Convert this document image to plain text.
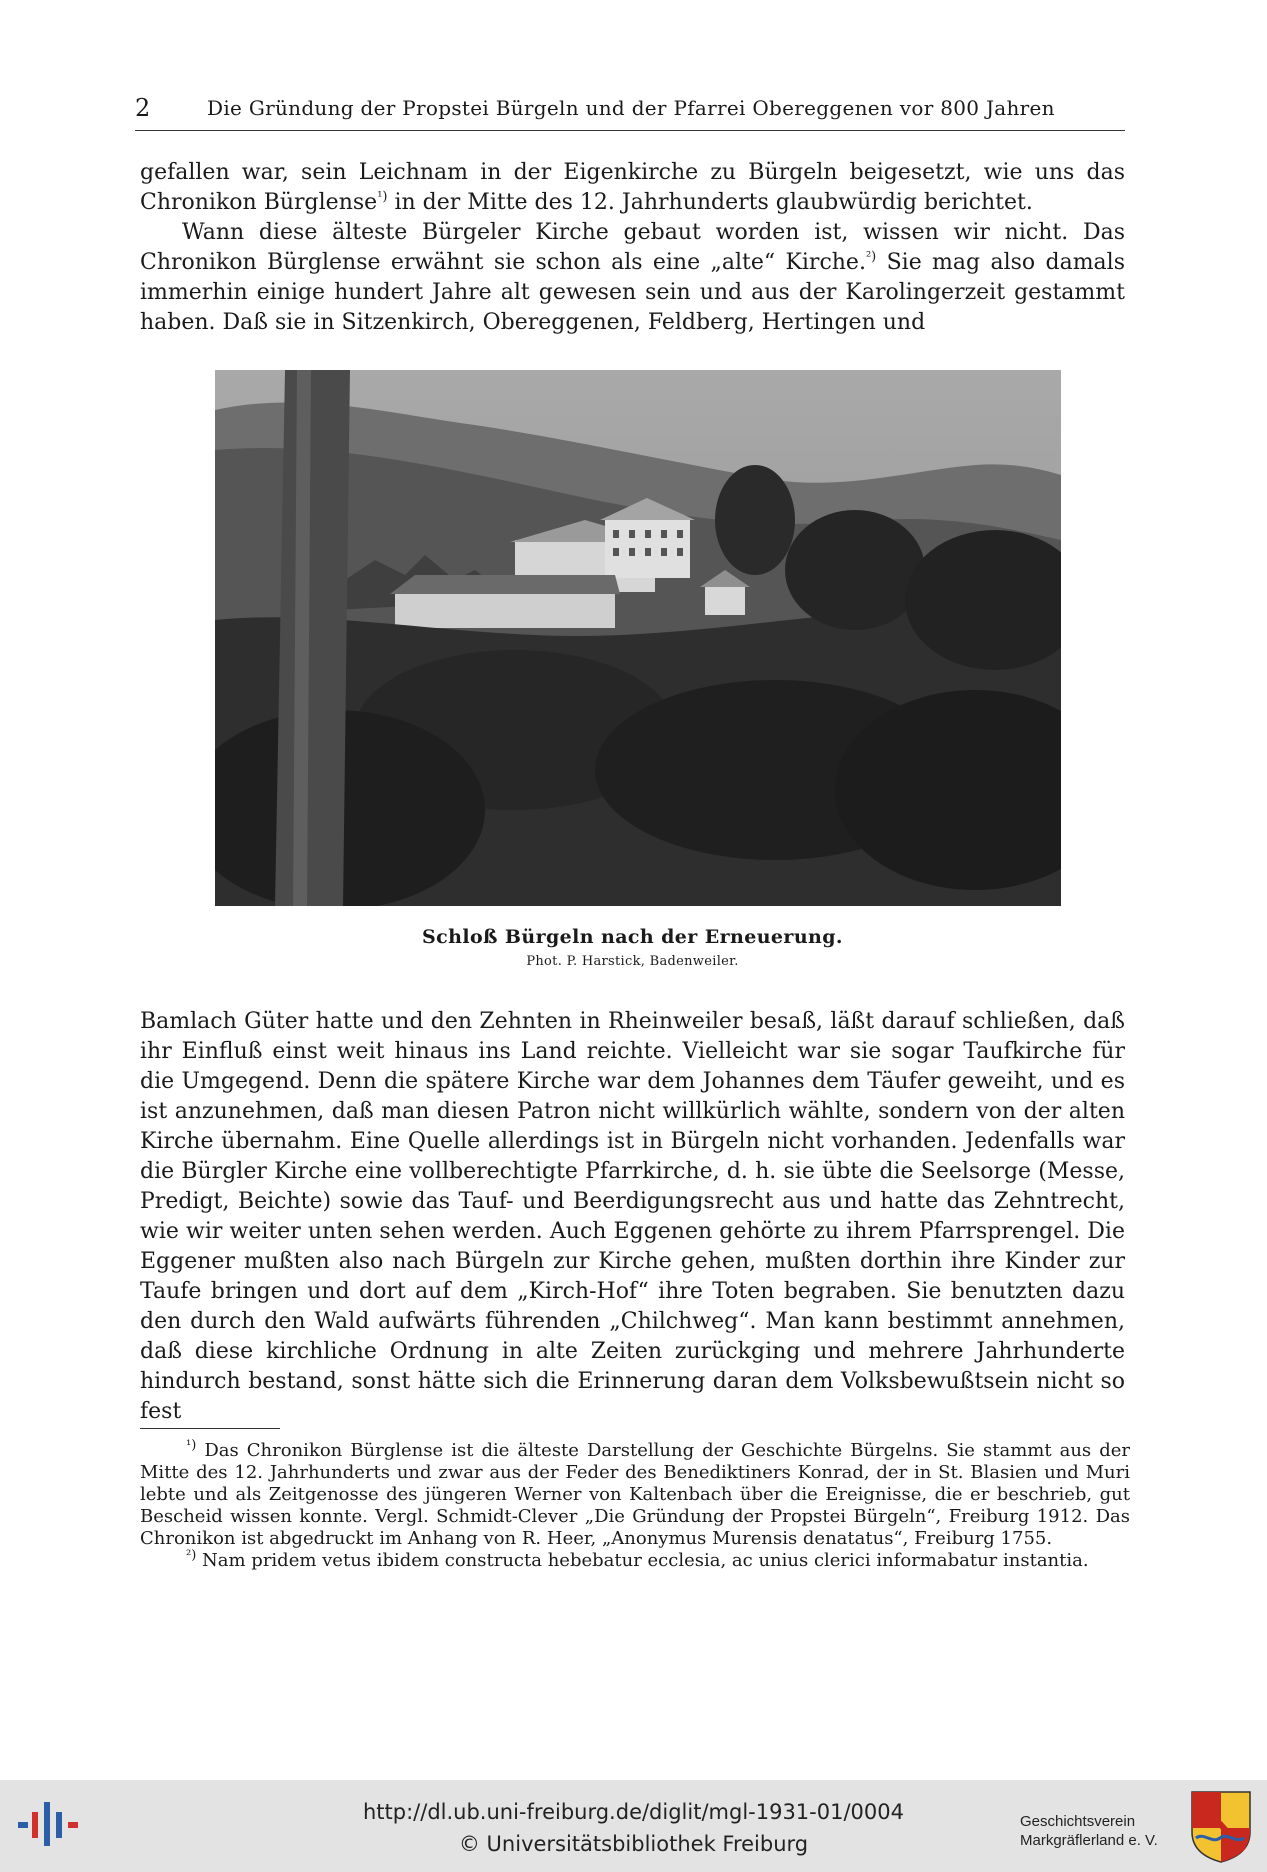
2	Die Gründung der Propstei Bürgeln und der Pfarrei Obereggenen vor 800 Jahren

gefallen war, sein Leichnam in der Eigenkirche zu Bürgeln beigesetzt, wie uns das Chronikon Bürglense$^{^1)}$ in der Mitte des 12. Jahrhunderts glaubwürdig berichtet.

Wann diese älteste Bürgeler Kirche gebaut worden ist, wissen wir nicht. Das Chronikon Bürglense erwähnt sie schon als eine „alte“ Kirche.$^{^2)}$ Sie mag also damals immerhin einige hundert Jahre alt gewesen sein und aus der Karolingerzeit gestammt haben. Daß sie in Sitzenkirch, Obereggenen, Feldberg, Hertingen und

Schloß Bürgeln nach der Erneuerung.
Phot. P. Harstick, Badenweiler.

Bamlach Güter hatte und den Zehnten in Rheinweiler besaß, läßt darauf schließen, daß ihr Einfluß einst weit hinaus ins Land reichte. Vielleicht war sie sogar Taufkirche für die Umgegend. Denn die spätere Kirche war dem Johannes dem Täufer geweiht, und es ist anzunehmen, daß man diesen Patron nicht willkürlich wählte, sondern von der alten Kirche übernahm. Eine Quelle allerdings ist in Bürgeln nicht vorhanden. Jedenfalls war die Bürgler Kirche eine vollberechtigte Pfarrkirche, d. h. sie übte die Seelsorge (Messe, Predigt, Beichte) sowie das Tauf- und Beerdigungsrecht aus und hatte das Zehntrecht, wie wir weiter unten sehen werden. Auch Eggenen gehörte zu ihrem Pfarrsprengel. Die Eggener mußten also nach Bürgeln zur Kirche gehen, mußten dorthin ihre Kinder zur Taufe bringen und dort auf dem „Kirch-Hof“ ihre Toten begraben. Sie benutzten dazu den durch den Wald aufwärts führenden „Chilchweg“. Man kann bestimmt annehmen, daß diese kirchliche Ordnung in alte Zeiten zurückging und mehrere Jahrhunderte hindurch bestand, sonst hätte sich die Erinnerung daran dem Volksbewußtsein nicht so fest

$^{^1)}$ Das Chronikon Bürglense ist die älteste Darstellung der Geschichte Bürgelns. Sie stammt aus der Mitte des 12. Jahrhunderts und zwar aus der Feder des Benediktiners Konrad, der in St. Blasien und Muri lebte und als Zeitgenosse des jüngeren Werner von Kaltenbach über die Ereignisse, die er beschrieb, gut Bescheid wissen konnte. Vergl. Schmidt-Clever „Die Gründung der Propstei Bürgeln“, Freiburg 1912. Das Chronikon ist abgedruckt im Anhang von R. Heer, „Anonymus Murensis denatatus“, Freiburg 1755.

$^{^2)}$ Nam pridem vetus ibidem constructa hebebatur ecclesia, ac unius clerici informabatur instantia.

http://dl.ub.uni-freiburg.de/diglit/mgl-1931-01/0004
© Universitätsbibliothek Freiburg
Geschichtsverein
Markgräflerland e. V.
